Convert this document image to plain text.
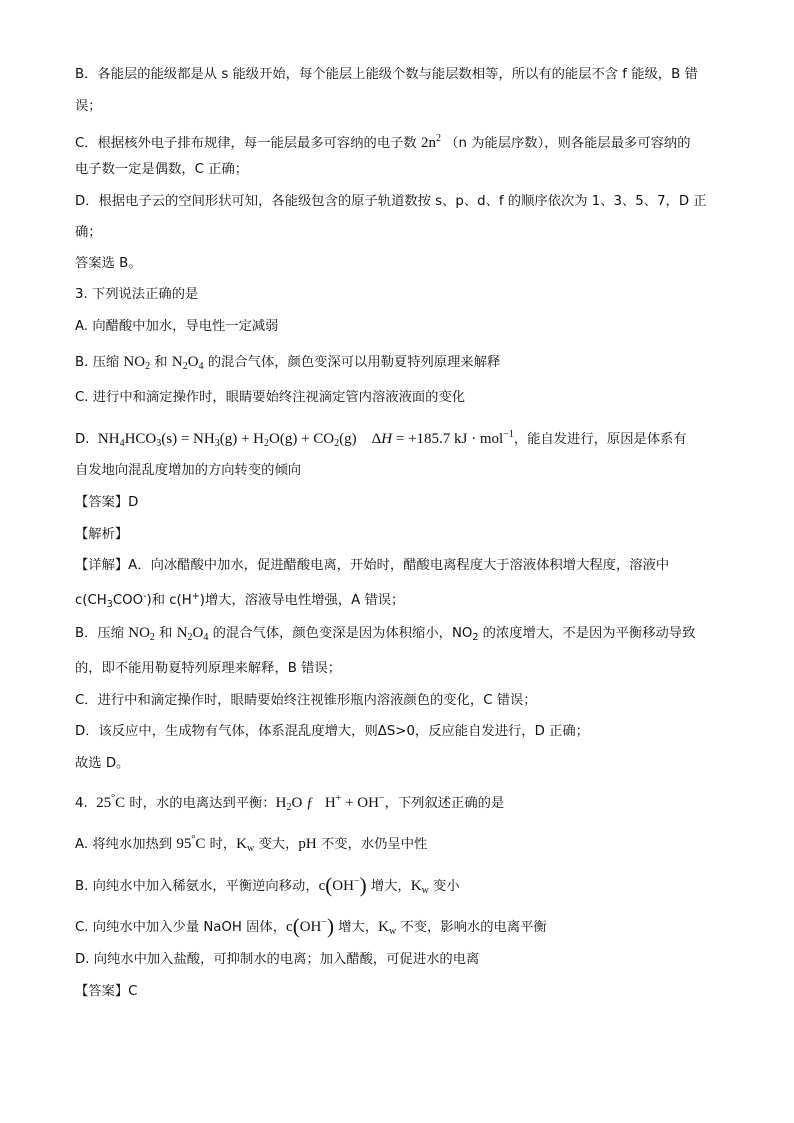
B．各能层的能级都是从 s 能级开始，每个能层上能级个数与能层数相等，所以有的能层不含 f 能级，B 错
误；
C．根据核外电子排布规律，每一能层最多可容纳的电子数 $2n^2$ （n 为能层序数），则各能层最多可容纳的
电子数一定是偶数，C 正确；
D．根据电子云的空间形状可知，各能级包含的原子轨道数按 s、p、d、f 的顺序依次为 1、3、5、7，D 正
确；
答案选 B。
3. 下列说法正确的是
A. 向醋酸中加水，导电性一定减弱
B. 压缩 $NO_2$ 和 $N_2O_4$ 的混合气体，颜色变深可以用勒夏特列原理来解释
C. 进行中和滴定操作时，眼睛要始终注视滴定管内溶液液面的变化
D.  $NH_4HCO_3(s) = NH_3(g) + H_2O(g) + CO_2(g)$    ΔH = +185.7 kJ · mol$^{-1}$，能自发进行，原因是体系有
自发地向混乱度增加的方向转变的倾向
【答案】D
【解析】
【详解】A．向冰醋酸中加水，促进醋酸电离，开始时，醋酸电离程度大于溶液体积增大程度，溶液中
$c(CH_3COO^-)$和 c(H+)增大，溶液导电性增强，A 错误；
B．压缩 $NO_2$ 和 $N_2O_4$ 的混合气体，颜色变深是因为体积缩小，$NO_2$ 的浓度增大，不是因为平衡移动导致
的，即不能用勒夏特列原理来解释，B 错误；
C．进行中和滴定操作时，眼睛要始终注视锥形瓶内溶液颜色的变化，C 错误；
D．该反应中，生成物有气体，体系混乱度增大，则ΔS>0，反应能自发进行，D 正确；
故选 D。
4.  25°C 时，水的电离达到平衡：$H_2O$ ƒ   H+ + OH−，下列叙述正确的是
A. 将纯水加热到 95°C 时，$K_w$ 变大，pH 不变，水仍呈中性
B. 向纯水中加入稀氨水，平衡逆向移动，c(OH−) 增大，$K_w$ 变小
C. 向纯水中加入少量 NaOH 固体，c(OH−) 增大，$K_w$ 不变，影响水的电离平衡
D. 向纯水中加入盐酸，可抑制水的电离；加入醋酸，可促进水的电离
【答案】C
